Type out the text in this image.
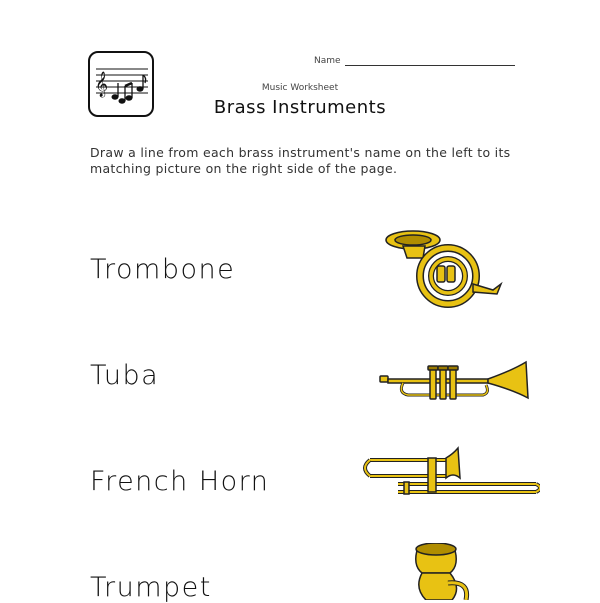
𝄞
Name
Music Worksheet
Brass Instruments
Draw a line from each brass instrument's name on the left to its matching picture on the right side of the page.
Trombone
Tuba
French Horn
Trumpet
